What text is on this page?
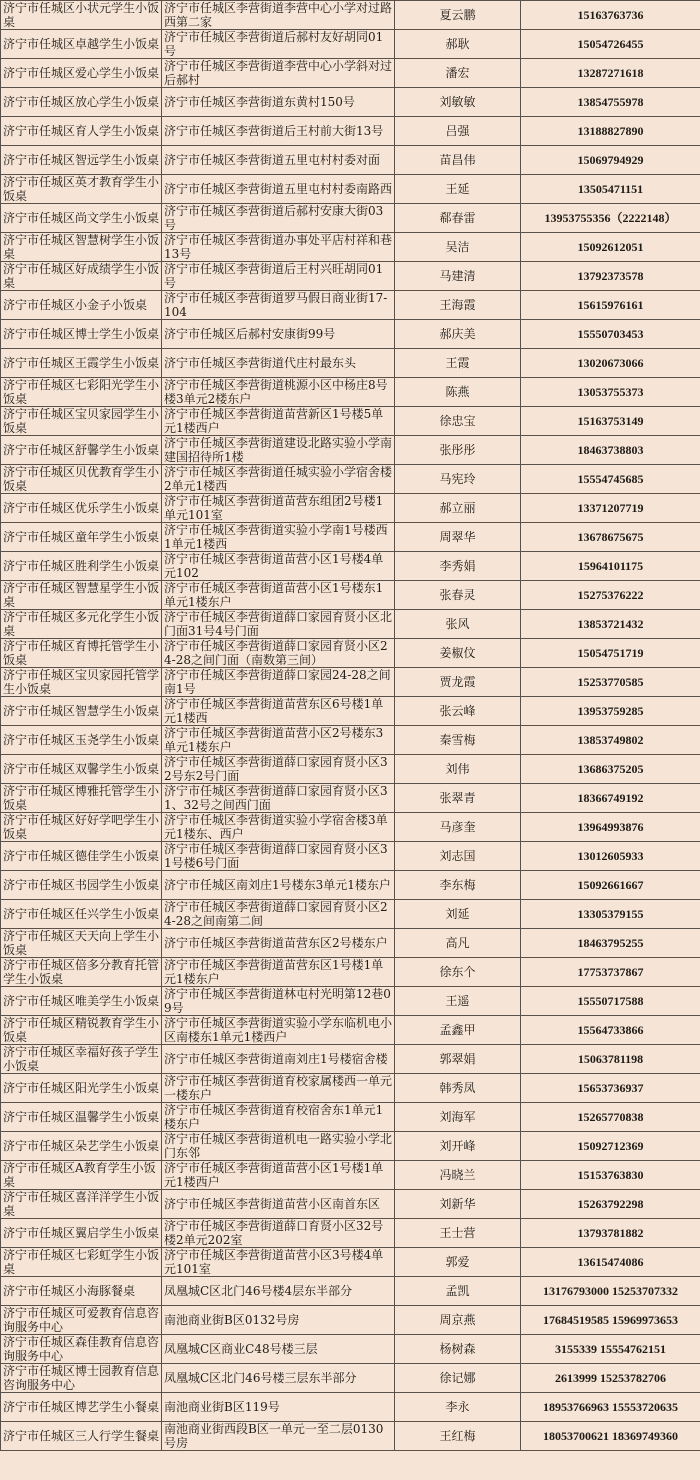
济宁市任城区小状元学生小饭桌	济宁市任城区李营街道李营中心小学对过路西第二家	夏云鹏	15163763736
济宁市任城区卓越学生小饭桌	济宁市任城区李营街道后郝村友好胡同01号	郝耿	15054726455
济宁市任城区爱心学生小饭桌	济宁市任城区李营街道李营中心小学斜对过后郝村	潘宏	13287271618
济宁市任城区放心学生小饭桌	济宁市任城区李营街道东黄村150号	刘敏敏	13854755978
济宁市任城区育人学生小饭桌	济宁市任城区李营街道后王村前大街13号	吕强	13188827890
济宁市任城区智远学生小饭桌	济宁市任城区李营街道五里屯村村委对面	苗昌伟	15069794929
济宁市任城区英才教育学生小饭桌	济宁市任城区李营街道五里屯村村委南路西	王延	13505471151
济宁市任城区尚文学生小饭桌	济宁市任城区李营街道后郝村安康大街03号	郗春雷	13953755356（2222148）
济宁市任城区智慧树学生小饭桌	济宁市任城区李营街道办事处平店村祥和巷13号	吴洁	15092612051
济宁市任城区好成绩学生小饭桌	济宁市任城区李营街道后王村兴旺胡同01号	马建清	13792373578
济宁市任城区小金子小饭桌	济宁市任城区李营街道罗马假日商业街17-104	王海霞	15615976161
济宁市任城区博士学生小饭桌	济宁市任城区后郝村安康街99号	郝庆美	15550703453
济宁市任城区王霞学生小饭桌	济宁市任城区李营街道代庄村最东头	王霞	13020673066
济宁市任城区七彩阳光学生小饭桌	济宁市任城区李营街道桃源小区中杨庄8号楼3单元2楼东户	陈燕	13053755373
济宁市任城区宝贝家园学生小饭桌	济宁市任城区李营街道苗营新区1号楼5单元1楼西户	徐忠宝	15163753149
济宁市任城区舒馨学生小饭桌	济宁市任城区李营街道建设北路实验小学南建国招待所1楼	张彤彤	18463738803
济宁市任城区贝优教育学生小饭桌	济宁市任城区李营街道任城实验小学宿舍楼2单元1楼西	马宪玲	15554745685
济宁市任城区优乐学生小饭桌	济宁市任城区李营街道苗营东组团2号楼1单元101室	郝立丽	13371207719
济宁市任城区童年学生小饭桌	济宁市任城区李营街道实验小学南1号楼西1单元1楼西	周翠华	13678675675
济宁市任城区胜利学生小饭桌	济宁市任城区李营街道苗营小区1号楼4单元102	李秀娟	15964101175
济宁市任城区智慧星学生小饭桌	济宁市任城区李营街道苗营小区1号楼东1单元1楼东户	张春灵	15275376222
济宁市任城区多元化学生小饭桌	济宁市任城区李营街道薛口家园育贤小区北门面31号4号门面	张风	13853721432
济宁市任城区育博托管学生小饭桌	济宁市任城区李营街道薛口家园育贤小区24-28之间门面（南数第三间）	姜椒伩	15054751719
济宁市任城区宝贝家园托管学生小饭桌	济宁市任城区李营街道薛口家园24-28之间南1号	贾龙霞	15253770585
济宁市任城区智慧学生小饭桌	济宁市任城区李营街道苗营东区6号楼1单元1楼西	张云峰	13953759285
济宁市任城区玉尧学生小饭桌	济宁市任城区李营街道苗营小区2号楼东3单元1楼东户	秦雪梅	13853749802
济宁市任城区双馨学生小饭桌	济宁市任城区李营街道薛口家园育贤小区32号东2号门面	刘伟	13686375205
济宁市任城区博雅托管学生小饭桌	济宁市任城区李营街道薛口家园育贤小区31、32号之间西门面	张翠青	18366749192
济宁市任城区好好学吧学生小饭桌	济宁市任城区李营街道实验小学宿舍楼3单元1楼东、西户	马彦奎	13964993876
济宁市任城区德佳学生小饭桌	济宁市任城区李营街道薛口家园育贤小区31号楼6号门面	刘志国	13012605933
济宁市任城区书园学生小饭桌	济宁市任城区南刘庄1号楼东3单元1楼东户	李东梅	15092661667
济宁市任城区任兴学生小饭桌	济宁市任城区李营街道薛口家园育贤小区24-28之间南第二间	刘延	13305379155
济宁市任城区天天向上学生小饭桌	济宁市任城区李营街道苗营东区2号楼东户	高凡	18463795255
济宁市任城区倍多分教育托管学生小饭桌	济宁市任城区李营街道苗营东区1号楼1单元1楼东户	徐东个	17753737867
济宁市任城区唯美学生小饭桌	济宁市任城区李营街道林屯村光明第12巷09号	王遥	15550717588
济宁市任城区精锐教育学生小饭桌	济宁市任城区李营街道实验小学东临机电小区南楼东1单元1楼西户	孟鑫甲	15564733866
济宁市任城区幸福好孩子学生小饭桌	济宁市任城区李营街道南刘庄1号楼宿舍楼	郭翠娟	15063781198
济宁市任城区阳光学生小饭桌	济宁市任城区李营街道育校家属楼西一单元一楼东户	韩秀凤	15653736937
济宁市任城区温馨学生小饭桌	济宁市任城区李营街道育校宿舍东1单元1楼东户	刘海军	15265770838
济宁市任城区朵艺学生小饭桌	济宁市任城区李营街道机电一路实验小学北门东邻	刘开峰	15092712369
济宁市任城区A教育学生小饭桌	济宁市任城区李营街道苗营小区1号楼1单元1楼西户	冯晓兰	15153763830
济宁市任城区喜洋洋学生小饭桌	济宁市任城区李营街道苗营小区南首东区	刘新华	15263792298
济宁市任城区翼启学生小饭桌	济宁市任城区李营街道薛口育贤小区32号楼2单元202室	王士营	13793781882
济宁市任城区七彩虹学生小饭桌	济宁市任城区李营街道苗营小区3号楼4单元101室	郭爱	13615474086
济宁市任城区小海豚餐桌	凤凰城C区北门46号楼4层东半部分	孟凯	13176793000 15253707332
济宁市任城区可爱教育信息咨询服务中心	南池商业街B区0132号房	周京燕	17684519585 15969973653
济宁市任城区森佳教育信息咨询服务中心	凤凰城C区商业C48号楼三层	杨树森	3155339 15554762151
济宁市任城区博士园教育信息咨询服务中心	凤凰城C区北门46号楼三层东半部分	徐记娜	2613999 15253782706
济宁市任城区博艺学生小餐桌	南池商业街B区119号	李永	18953766963 15553720635
济宁市任城区三人行学生餐桌	南池商业街西段B区一单元一至二层0130号房	王红梅	18053700621 18369749360
